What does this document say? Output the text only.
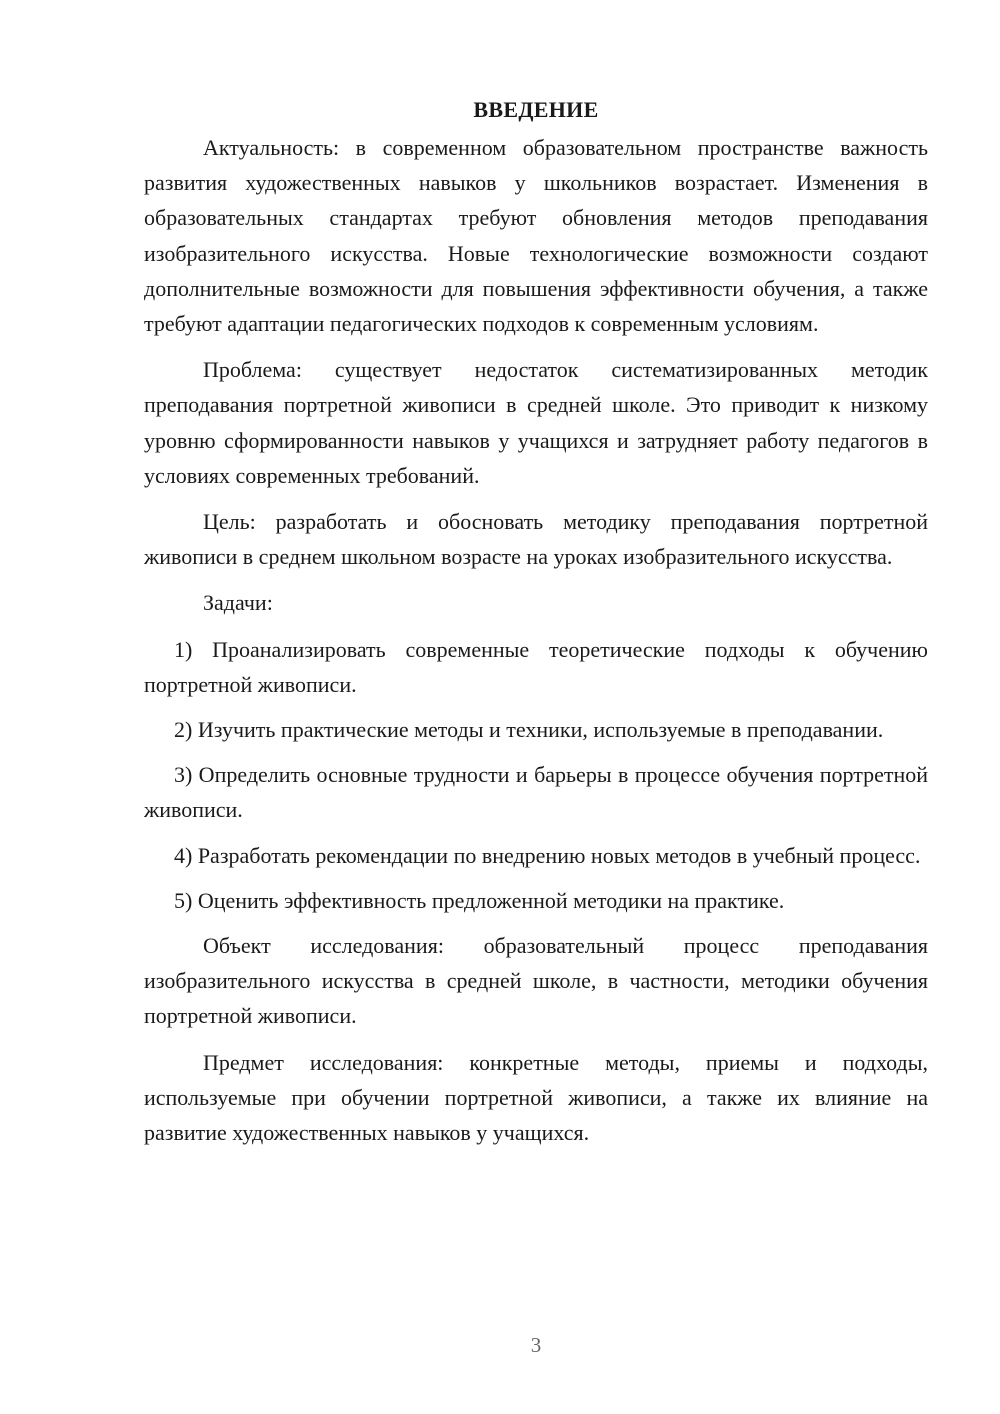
ВВЕДЕНИЕ

Актуальность: в современном образовательном пространстве важность развития художественных навыков у школьников возрастает. Изменения в образовательных стандартах требуют обновления методов преподавания изобразительного искусства. Новые технологические возможности создают дополнительные возможности для повышения эффективности обучения, а также требуют адаптации педагогических подходов к современным условиям.

Проблема: существует недостаток систематизированных методик преподавания портретной живописи в средней школе. Это приводит к низкому уровню сформированности навыков у учащихся и затрудняет работу педагогов в условиях современных требований.

Цель: разработать и обосновать методику преподавания портретной живописи в среднем школьном возрасте на уроках изобразительного искусства.

Задачи:

1) Проанализировать современные теоретические подходы к обучению портретной живописи.

2) Изучить практические методы и техники, используемые в преподавании.

3) Определить основные трудности и барьеры в процессе обучения портретной живописи.

4) Разработать рекомендации по внедрению новых методов в учебный процесс.

5) Оценить эффективность предложенной методики на практике.

Объект исследования: образовательный процесс преподавания изобразительного искусства в средней школе, в частности, методики обучения портретной живописи.

Предмет исследования: конкретные методы, приемы и подходы, используемые при обучении портретной живописи, а также их влияние на развитие художественных навыков у учащихся.

3
